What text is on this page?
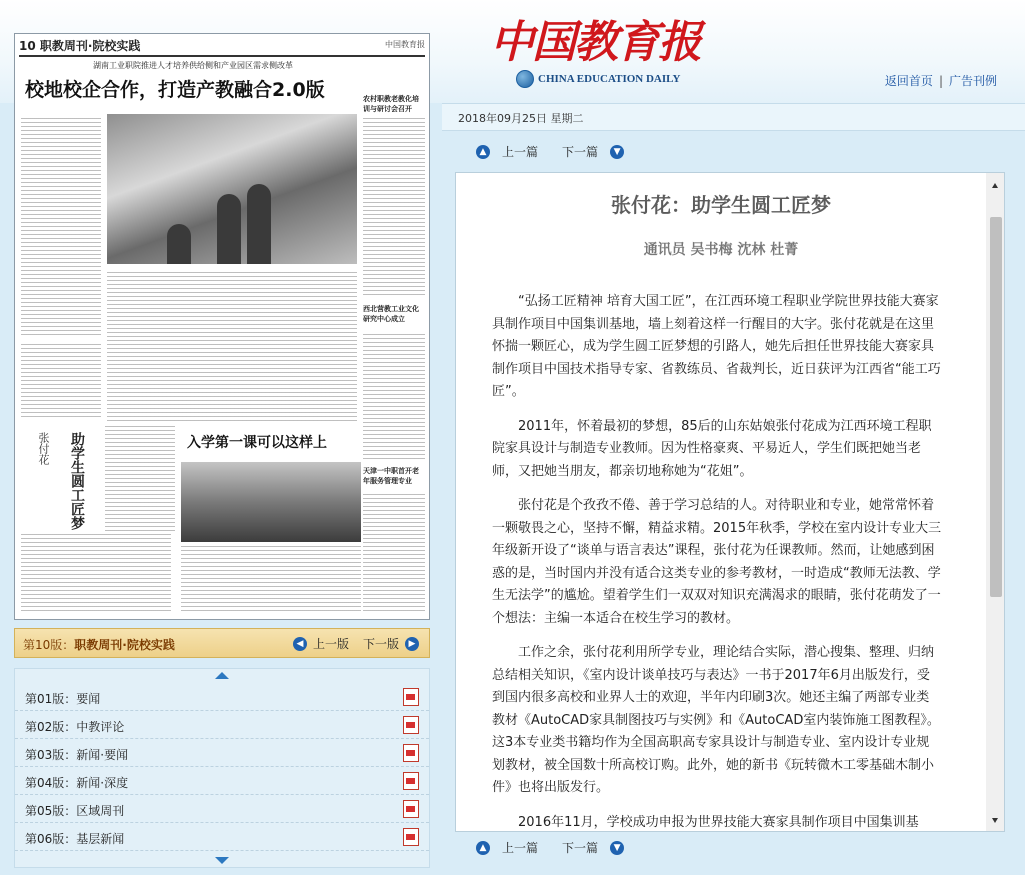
中国教育报
CHINA EDUCATION DAILY	返回首页 | 广告刊例
2018年09月25日 星期二
10 职教周刊·院校实践	中国教育报
湖南工业职院推进人才培养供给侧和产业园区需求侧改革
校地校企合作，打造产教融合2.0版	农村职教老教化培训与研讨会召开
西北营教工业文化研究中心成立
天津一中职首开老年服务管理专业
张付花 助学生圆工匠梦	入学第一课可以这样上
第10版：职教周刊·院校实践	◀ 上一版 下一版	▶
第01版：要闻
第02版：中教评论
第03版：新闻·要闻
第04版：新闻·深度
第05版：区域周刊
第06版：基层新闻
▲ 上一篇 下一篇	▼
张付花：助学生圆工匠梦
通讯员 吴书梅 沈林 杜菁

“弘扬工匠精神 培育大国工匠”，在江西环境工程职业学院世界技能大赛家具制作项目中国集训基地，墙上刻着这样一行醒目的大字。张付花就是在这里怀揣一颗匠心，成为学生圆工匠梦想的引路人，她先后担任世界技能大赛家具制作项目中国技术指导专家、省教练员、省裁判长，近日获评为江西省“能工巧匠”。

2011年，怀着最初的梦想，85后的山东姑娘张付花成为江西环境工程职院家具设计与制造专业教师。因为性格豪爽、平易近人，学生们既把她当老师，又把她当朋友，都亲切地称她为“花姐”。

张付花是个孜孜不倦、善于学习总结的人。对待职业和专业，她常常怀着一颗敬畏之心，坚持不懈，精益求精。2015年秋季，学校在室内设计专业大三年级新开设了“谈单与语言表达”课程，张付花为任课教师。然而，让她感到困惑的是，当时国内并没有适合这类专业的参考教材，一时造成“教师无法教、学生无法学”的尴尬。望着学生们一双双对知识充满渴求的眼睛，张付花萌发了一个想法：主编一本适合在校生学习的教材。

工作之余，张付花利用所学专业，理论结合实际，潜心搜集、整理、归纳总结相关知识，《室内设计谈单技巧与表达》一书于2017年6月出版发行，受到国内很多高校和业界人士的欢迎，半年内印刷3次。她还主编了两部专业类教材《AutoCAD家具制图技巧与实例》和《AutoCAD室内装饰施工图教程》。这3本专业类书籍均作为全国高职高专家具设计与制造专业、室内设计专业规划教材，被全国数十所高校订购。此外，她的新书《玩转微木工零基础木制小件》也将出版发行。

2016年11月，学校成功申报为世界技能大赛家具制作项目中国集训基

▲ 上一篇 下一篇	▼
